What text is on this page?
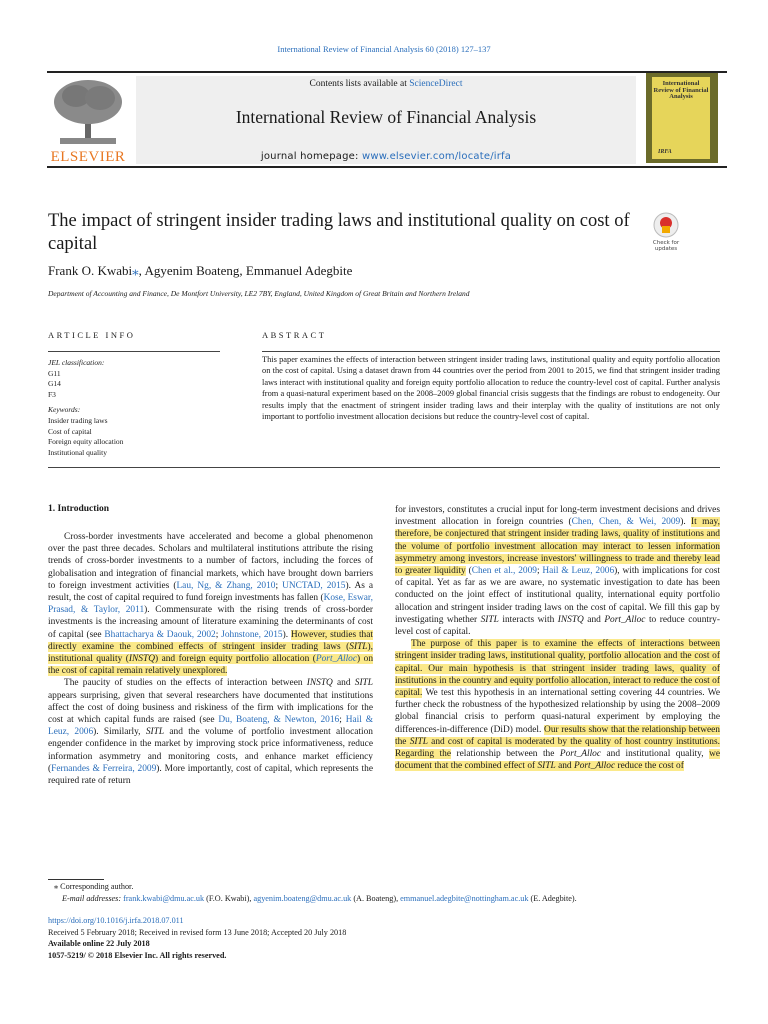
International Review of Financial Analysis 60 (2018) 127–137
ELSEVIER
Contents lists available at ScienceDirect
International Review of Financial Analysis
journal homepage: www.elsevier.com/locate/irfa
International Review of Financial Analysis
IRFA
The impact of stringent insider trading laws and institutional quality on cost of capital	Check for updates
Frank O. Kwabi⁎, Agyenim Boateng, Emmanuel Adegbite
Department of Accounting and Finance, De Montfort University, LE2 7BY, England, United Kingdom of Great Britain and Northern Ireland
ARTICLE INFO	ABSTRACT
JEL classification:
G11
G14
F3
Keywords:
Insider trading laws
Cost of capital
Foreign equity allocation
Institutional quality
This paper examines the effects of interaction between stringent insider trading laws, institutional quality and equity portfolio allocation on the cost of capital. Using a dataset drawn from 44 countries over the period from 2001 to 2015, we find that stringent insider trading laws interact with institutional quality and foreign equity portfolio allocation to reduce the country-level cost of capital. Further analysis from a quasi-natural experiment based on the 2008–2009 global financial crisis suggests that the findings are robust to endogeneity. Our results imply that the enactment of stringent insider trading laws and their interplay with the quality of institutions are not only important to portfolio investment allocation decisions but reduce the country-level cost of capital.
1. Introduction

Cross-border investments have accelerated and become a global phenomenon over the past three decades. Scholars and multilateral institutions attribute the rising trends of cross-border investments to a number of factors, including the forces of globalisation and integration of financial markets, which have brought down barriers to foreign investment activities (Lau, Ng, & Zhang, 2010; UNCTAD, 2015). As a result, the cost of capital required to fund foreign investments has fallen (Kose, Eswar, Prasad, & Taylor, 2011). Commensurate with the rising trends of cross-border investments is the increasing amount of literature examining the determinants of cost of capital (see Bhattacharya & Daouk, 2002; Johnstone, 2015). However, studies that directly examine the combined effects of stringent insider trading laws (SITL), institutional quality (INSTQ) and foreign equity portfolio allocation (Port_Alloc) on the cost of capital remain relatively unexplored.

The paucity of studies on the effects of interaction between INSTQ and SITL appears surprising, given that several researchers have documented that institutions affect the cost of doing business and riskiness of the firm with implications for the cost at which capital funds are raised (see Du, Boateng, & Newton, 2016; Hail & Leuz, 2006). Similarly, SITL and the volume of portfolio investment allocation engender confidence in the market by improving stock price informativeness, reduce information asymmetry and monitoring costs, and enhance market efficiency (Fernandes & Ferreira, 2009). More importantly, cost of capital, which represents the required rate of return

for investors, constitutes a crucial input for long-term investment decisions and drives investment allocation in foreign countries (Chen, Chen, & Wei, 2009). It may, therefore, be conjectured that stringent insider trading laws, quality of institutions and the volume of portfolio investment allocation may interact to lessen information asymmetry among investors, increase investors' willingness to trade and thereby lead to greater liquidity (Chen et al., 2009; Hail & Leuz, 2006), with implications for cost of capital. Yet as far as we are aware, no systematic investigation to date has been conducted on the joint effect of institutional quality, international equity portfolio allocation and stringent insider trading laws on the cost of capital. We fill this gap by investigating whether SITL interacts with INSTQ and Port_Alloc to reduce country-level cost of capital.

The purpose of this paper is to examine the effects of interactions between stringent insider trading laws, institutional quality, portfolio allocation and the cost of capital. Our main hypothesis is that stringent insider trading laws, quality of institutions in the country and equity portfolio allocation, interact to reduce the cost of capital. We test this hypothesis in an international setting covering 44 countries. We further check the robustness of the hypothesized relationship by using the 2008–2009 global financial crisis to perform quasi-natural experiment by employing the differences-in-difference (DiD) model. Our results show that the relationship between the SITL and cost of capital is moderated by the quality of host country institutions. Regarding the relationship between the Port_Alloc and institutional quality, we document that the combined effect of SITL and Port_Alloc reduce the cost of

⁎ Corresponding author.
E-mail addresses: frank.kwabi@dmu.ac.uk (F.O. Kwabi), agyenim.boateng@dmu.ac.uk (A. Boateng), emmanuel.adegbite@nottingham.ac.uk (E. Adegbite).
https://doi.org/10.1016/j.irfa.2018.07.011
Received 5 February 2018; Received in revised form 13 June 2018; Accepted 20 July 2018
Available online 22 July 2018
1057-5219/ © 2018 Elsevier Inc. All rights reserved.
